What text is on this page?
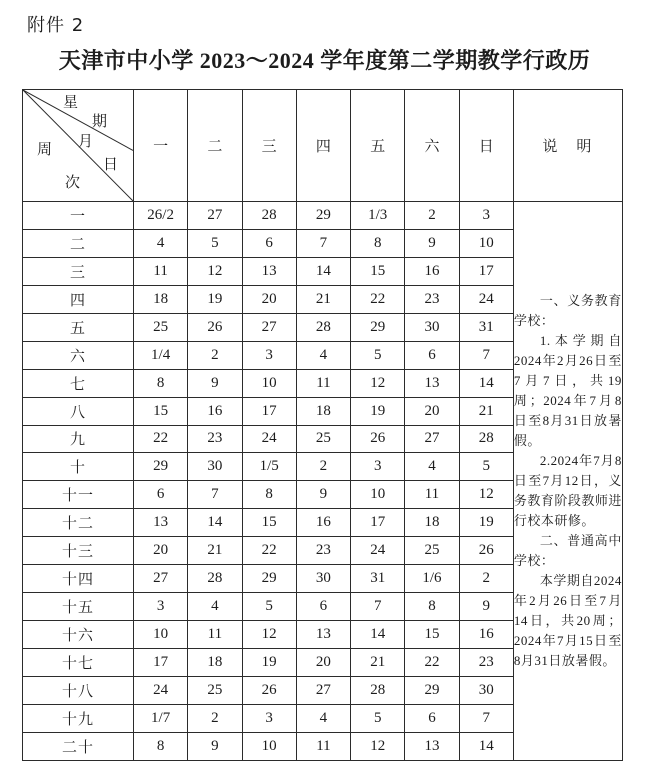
附件 2
天津市中小学 2023～2024 学年度第二学期教学行政历
星
期
月
日
周
次
	一	二	三	四	五	六	日	说　明
一	26/2	27	28	29	1/3	2	3	一、义务教育学校：

1.本学期自2024年2月26日至7月7日，共19周；2024年7月8日至8月31日放暑假。

2.2024年7月8日至7月12日，义务教育阶段教师进行校本研修。

二、普通高中学校：

本学期自2024年2月26日至7月14日，共20周；2024年7月15日至8月31日放暑假。

二	4	5	6	7	8	9	10	
三	11	12	13	14	15	16	17	
四	18	19	20	21	22	23	24	
五	25	26	27	28	29	30	31	
六	1/4	2	3	4	5	6	7	
七	8	9	10	11	12	13	14	
八	15	16	17	18	19	20	21	
九	22	23	24	25	26	27	28	
十	29	30	1/5	2	3	4	5	
十一	6	7	8	9	10	11	12	
十二	13	14	15	16	17	18	19	
十三	20	21	22	23	24	25	26	
十四	27	28	29	30	31	1/6	2	
十五	3	4	5	6	7	8	9	
十六	10	11	12	13	14	15	16	
十七	17	18	19	20	21	22	23	
十八	24	25	26	27	28	29	30	
十九	1/7	2	3	4	5	6	7	
二十	8	9	10	11	12	13	14	
